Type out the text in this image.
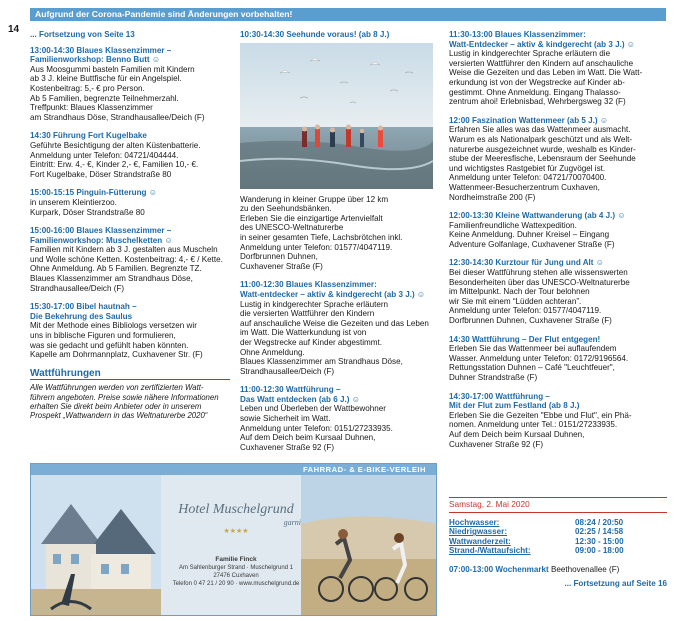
14
Aufgrund der Corona-Pandemie sind Änderungen vorbehalten!
... Fortsetzung von Seite 13
13:00-14:30 Blaues Klassenzimmer –
Familienworkshop: Benno Butt ☺
Aus Moosgummi basteln Familien mit Kindern
ab 3 J. kleine Buttfische für ein Angelspiel.
Kostenbeitrag: 5,- € pro Person.
Ab 5 Familien, begrenzte Teilnehmerzahl.
Treffpunkt: Blaues Klassenzimmer
am Strandhaus Döse, Strandhausallee/Deich (F)
14:30 Führung Fort Kugelbake
Geführte Besichtigung der alten Küstenbatterie.
Anmeldung unter Telefon: 04721/404444.
Eintritt: Erw. 4,- €, Kinder 2,- €, Familien 10,- €.
Fort Kugelbake, Döser Strandstraße 80
15:00-15:15 Pinguin-Fütterung ☺
in unserem Kleintierzoo.
Kurpark, Döser Strandstraße 80
15:00-16:00 Blaues Klassenzimmer –
Familienworkshop: Muschelketten ☺
Familien mit Kindern ab 3 J. gestalten aus Muscheln
und Wolle schöne Ketten. Kostenbeitrag: 4,- € / Kette.
Ohne Anmeldung. Ab 5 Familien. Begrenzte TZ.
Blaues Klassenzimmer am Strandhaus Döse,
Strandhausallee/Deich (F)
15:30-17:00 Bibel hautnah –
Die Bekehrung des Saulus
Mit der Methode eines Bibliologs versetzen wir
uns in biblische Figuren und formulieren,
was sie gedacht und gefühlt haben könnten.
Kapelle am Dohrmannplatz, Cuxhavener Str. (F)
Wattführungen
Alle Wattführungen werden von zertifizierten Watt-
führern angeboten. Preise sowie nähere Informationen
erhalten Sie direkt beim Anbieter oder in unserem
Prospekt „Wattwandern in das Weltnaturerbe 2020“
10:30-14:30 Seehunde voraus! (ab 8 J.)
Wanderung in kleiner Gruppe über 12 km
zu den Seehundsbänken.
Erleben Sie die einzigartige Artenvielfalt
des UNESCO-Weltnaturerbe
in seiner gesamten Tiefe, Lachsbrötchen inkl.
Anmeldung unter Telefon: 01577/4047119.
Dorfbrunnen Duhnen,
Cuxhavener Straße (F)
11:00-12:30 Blaues Klassenzimmer:
Watt-entdecker – aktiv & kindgerecht (ab 3 J.) ☺
Lustig in kindgerechter Sprache erläutern
die versierten Wattführer den Kindern
auf anschauliche Weise die Gezeiten und das Leben
im Watt. Die Watterkundung ist von
der Wegstrecke auf Kinder abgestimmt.
Ohne Anmeldung.
Blaues Klassenzimmer am Strandhaus Döse,
Strandhausallee/Deich (F)
11:00-12:30 Wattführung –
Das Watt entdecken (ab 6 J.) ☺
Leben und Überleben der Wattbewohner
sowie Sicherheit im Watt.
Anmeldung unter Telefon: 0151/27233935.
Auf dem Deich beim Kursaal Duhnen,
Cuxhavener Straße 92 (F)
11:30-13:00 Blaues Klassenzimmer:
Watt-Entdecker – aktiv & kindgerecht (ab 3 J.) ☺
Lustig in kindgerechter Sprache erläutern die
versierten Wattführer den Kindern auf anschauliche
Weise die Gezeiten und das Leben im Watt. Die Watt-
erkundung ist von der Wegstrecke auf Kinder ab-
gestimmt. Ohne Anmeldung. Eingang Thalasso-
zentrum ahoi! Erlebnisbad, Wehrbergsweg 32 (F)
12:00 Faszination Wattenmeer (ab 5 J.) ☺
Erfahren Sie alles was das Wattenmeer ausmacht.
Warum es als Nationalpark geschützt und als Welt-
naturerbe ausgezeichnet wurde, weshalb es Kinder-
stube der Meeresfische, Lebensraum der Seehunde
und wichtigstes Rastgebiet für Zugvögel ist.
Anmeldung unter Telefon: 04721/70070400.
Wattenmeer-Besucherzentrum Cuxhaven,
Nordheimstraße 200 (F)
12:00-13:30 Kleine Wattwanderung (ab 4 J.) ☺
Familienfreundliche Wattexpedition.
Keine Anmeldung. Duhner Kreisel – Eingang
Adventure Golfanlage, Cuxhavener Straße (F)
12:30-14:30 Kurztour für Jung und Alt ☺
Bei dieser Wattführung stehen alle wissenswerten
Besonderheiten über das UNESCO-Weltnaturerbe
im Mittelpunkt. Nach der Tour belohnen
wir Sie mit einem “Lüdden achteran”.
Anmeldung unter Telefon: 01577/4047119.
Dorfbrunnen Duhnen, Cuxhavener Straße (F)
14:30 Wattführung – Der Flut entgegen!
Erleben Sie das Wattenmeer bei auflaufendem
Wasser. Anmeldung unter Telefon: 0172/9196564.
Rettungsstation Duhnen – Café "Leuchtfeuer",
Duhner Strandstraße (F)
14:30-17:00 Wattführung –
Mit der Flut zum Festland (ab 8 J.)
Erleben Sie die Gezeiten "Ebbe und Flut", ein Phä-
nomen. Anmeldung unter Tel.: 0151/27233935.
Auf dem Deich beim Kursaal Duhnen,
Cuxhavener Straße 92 (F)
FAHRRAD- & E-BIKE-VERLEIH
Hotel Muschelgrund
garni
★★★★
Familie Finck
Am Sahlenburger Strand · Muschelgrund 1
27476 Cuxhaven
Telefon 0 47 21 / 20 90 · www.muschelgrund.de
Samstag, 2. Mai 2020
Hochwasser:	08:24 / 20:50
Niedrigwasser:	02:25 / 14:58
Wattwanderzeit:	12:30 - 15:00
Strand-/Wattaufsicht:	09:00 - 18:00
07:00-13:00 Wochenmarkt Beethovenallee (F)
... Fortsetzung auf Seite 16
